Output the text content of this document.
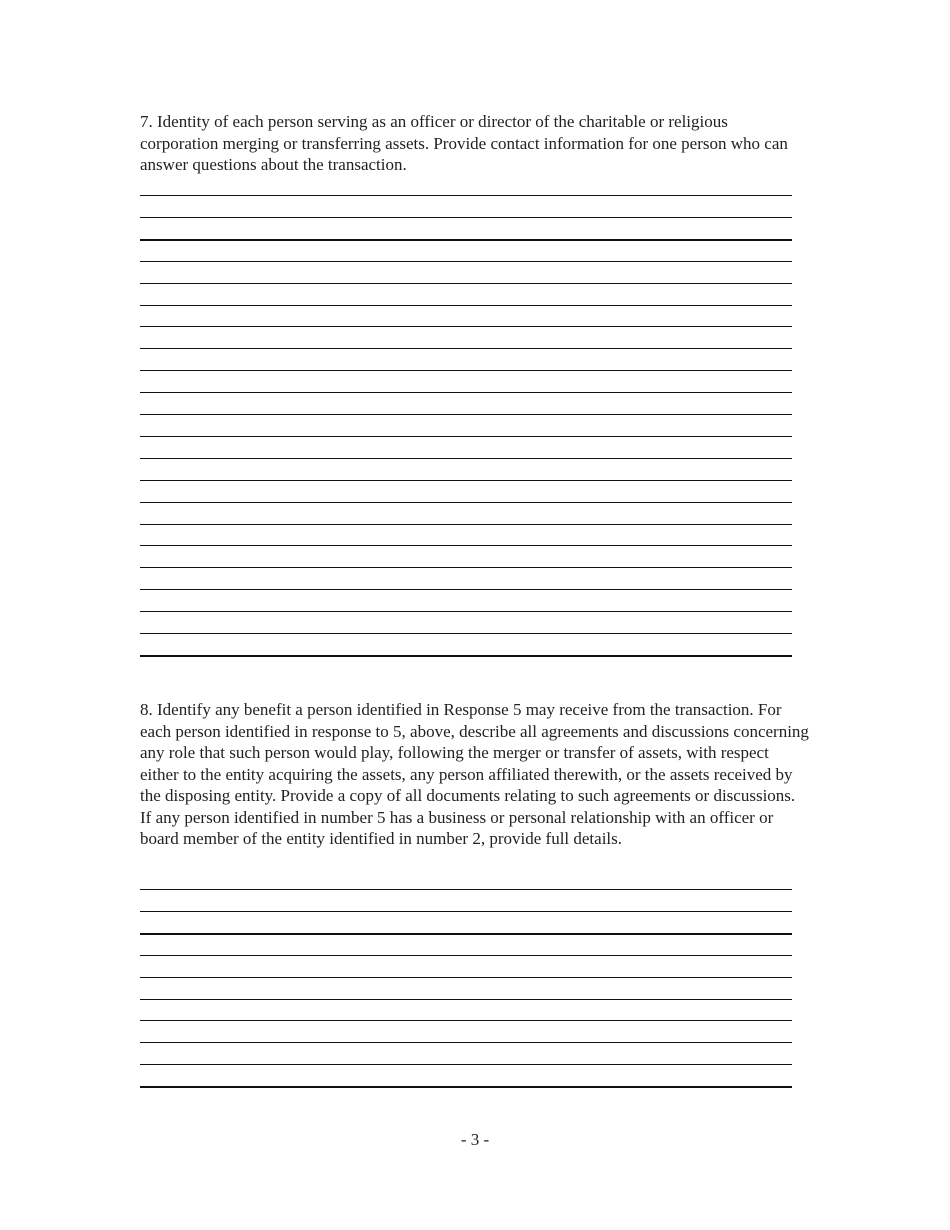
7. Identity of each person serving as an officer or director of the charitable or religious corporation merging or transferring assets. Provide contact information for one person who can answer questions about the transaction.

8. Identify any benefit a person identified in Response 5 may receive from the transaction. For each person identified in response to 5, above, describe all agreements and discussions concerning any role that such person would play, following the merger or transfer of assets, with respect either to the entity acquiring the assets, any person affiliated therewith, or the assets received by the disposing entity. Provide a copy of all documents relating to such agreements or discussions. If any person identified in number 5 has a business or personal relationship with an officer or board member of the entity identified in number 2, provide full details.

- 3 -
